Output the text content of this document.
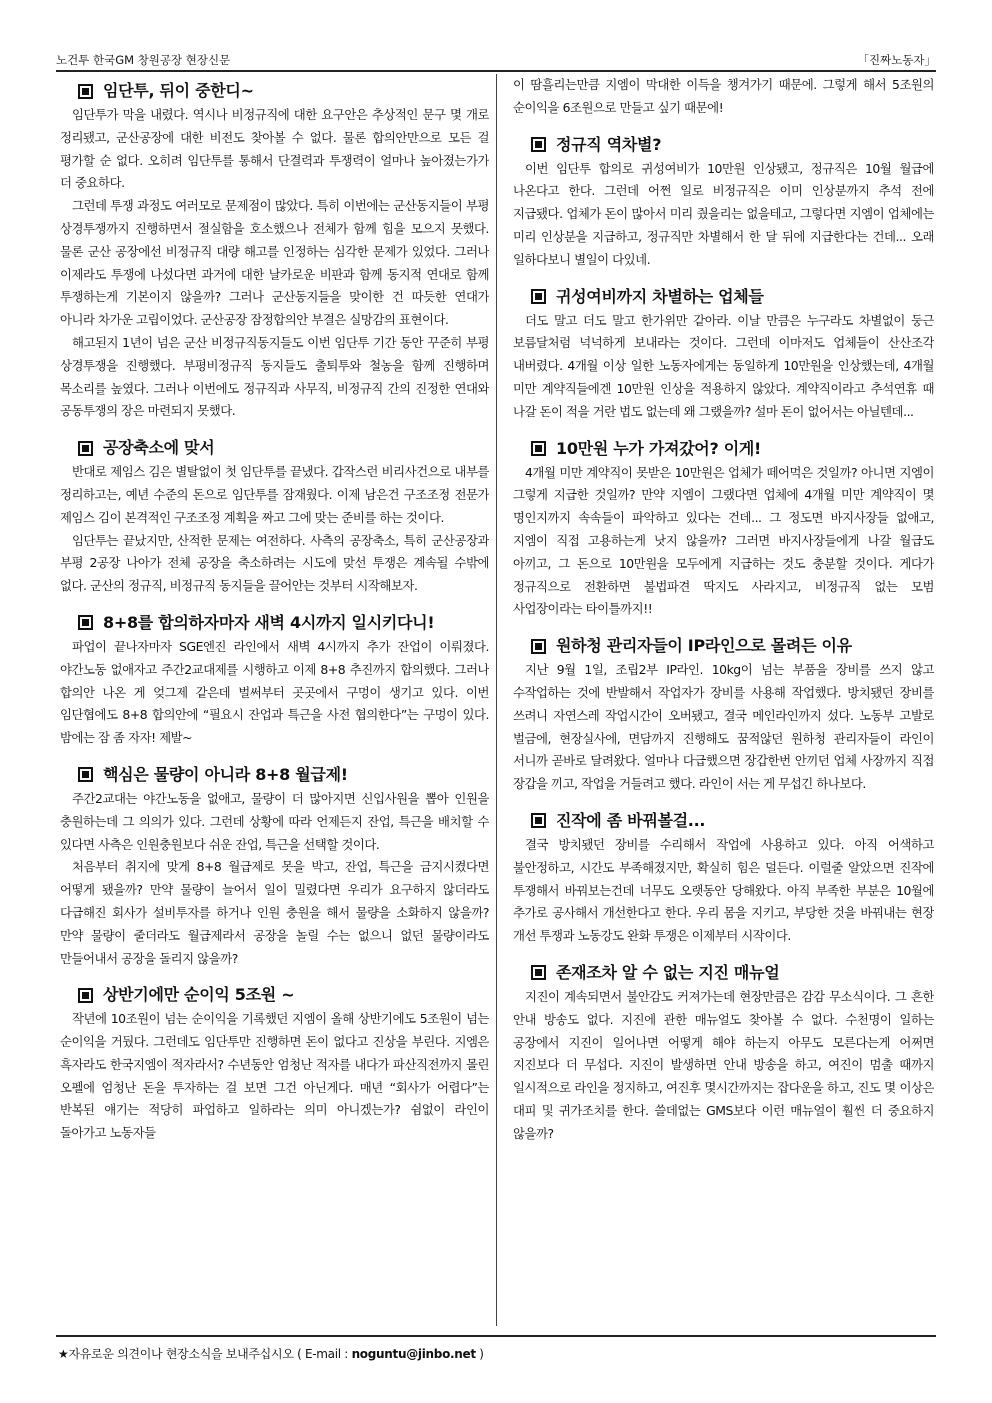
노건투 한국GM 창원공장 현장신문	「진짜노동자」
임단투, 뒤이 중한디~

임단투가 막을 내렸다. 역시나 비정규직에 대한 요구안은 추상적인 문구 몇 개로 정리됐고, 군산공장에 대한 비전도 찾아볼 수 없다. 물론 합의안만으로 모든 걸 평가할 순 없다. 오히려 임단투를 통해서 단결력과 투쟁력이 얼마나 높아졌는가가 더 중요하다.

그런데 투쟁 과정도 여러모로 문제점이 많았다. 특히 이번에는 군산동지들이 부평 상경투쟁까지 진행하면서 절실함을 호소했으나 전체가 함께 힘을 모으지 못했다. 물론 군산 공장에선 비정규직 대량 해고를 인정하는 심각한 문제가 있었다. 그러나 이제라도 투쟁에 나섰다면 과거에 대한 날카로운 비판과 함께 동지적 연대로 함께 투쟁하는게 기본이지 않을까? 그러나 군산동지들을 맞이한 건 따듯한 연대가 아니라 차가운 고립이었다. 군산공장 잠정합의안 부결은 실망감의 표현이다.

해고된지 1년이 넘은 군산 비정규직동지들도 이번 임단투 기간 동안 꾸준히 부평 상경투쟁을 진행했다. 부평비정규직 동지들도 출퇴투와 철농을 함께 진행하며 목소리를 높였다. 그러나 이번에도 정규직과 사무직, 비정규직 간의 진정한 연대와 공동투쟁의 장은 마련되지 못했다.

공장축소에 맞서

반대로 제임스 김은 별탈없이 첫 임단투를 끝냈다. 갑작스런 비리사건으로 내부를 정리하고는, 예년 수준의 돈으로 임단투를 잠재웠다. 이제 남은건 구조조정 전문가 제임스 김이 본격적인 구조조정 계획을 짜고 그에 맞는 준비를 하는 것이다.

임단투는 끝났지만, 산적한 문제는 여전하다. 사측의 공장축소, 특히 군산공장과 부평 2공장 나아가 전체 공장을 축소하려는 시도에 맞선 투쟁은 계속될 수밖에 없다. 군산의 정규직, 비정규직 동지들을 끌어안는 것부터 시작해보자.

8+8를 합의하자마자 새벽 4시까지 일시키다니!

파업이 끝나자마자 SGE엔진 라인에서 새벽 4시까지 추가 잔업이 이뤄졌다. 야간노동 없애자고 주간2교대제를 시행하고 이제 8+8 추진까지 합의했다. 그러나 합의안 나온 게 엊그제 같은데 벌써부터 곳곳에서 구멍이 생기고 있다. 이번 임단협에도 8+8 합의안에 “필요시 잔업과 특근을 사전 협의한다”는 구멍이 있다. 밤에는 잠 좀 자자! 제발~

핵심은 물량이 아니라 8+8 월급제!

주간2교대는 야간노동을 없애고, 물량이 더 많아지면 신입사원을 뽑아 인원을 충원하는데 그 의의가 있다. 그런데 상황에 따라 언제든지 잔업, 특근을 배치할 수 있다면 사측은 인원충원보다 쉬운 잔업, 특근을 선택할 것이다.

처음부터 취지에 맞게 8+8 월급제로 못을 박고, 잔업, 특근을 금지시켰다면 어떻게 됐을까? 만약 물량이 늘어서 일이 밀렸다면 우리가 요구하지 않더라도 다급해진 회사가 설비투자를 하거나 인원 충원을 해서 물량을 소화하지 않을까? 만약 물량이 줄더라도 월급제라서 공장을 놀릴 수는 없으니 없던 물량이라도 만들어내서 공장을 돌리지 않을까?

상반기에만 순이익 5조원 ~

작년에 10조원이 넘는 순이익을 기록했던 지엠이 올해 상반기에도 5조원이 넘는 순이익을 거뒀다. 그런데도 임단투만 진행하면 돈이 없다고 진상을 부린다. 지엠은 흑자라도 한국지엠이 적자라서? 수년동안 엄청난 적자를 내다가 파산직전까지 몰린 오펠에 엄청난 돈을 투자하는 걸 보면 그건 아닌게다. 매년 “회사가 어렵다”는 반복된 얘기는 적당히 파업하고 일하라는 의미 아니겠는가? 쉼없이 라인이 돌아가고 노동자들

이 땀흘리는만큼 지엠이 막대한 이득을 챙겨가기 때문에. 그렇게 해서 5조원의 순이익을 6조원으로 만들고 싶기 때문에!

정규직 역차별?

이번 임단투 합의로 귀성여비가 10만원 인상됐고, 정규직은 10월 월급에 나온다고 한다. 그런데 어쩐 일로 비정규직은 이미 인상분까지 추석 전에 지급됐다. 업체가 돈이 많아서 미리 줬을리는 없을테고, 그렇다면 지엠이 업체에는 미리 인상분을 지급하고, 정규직만 차별해서 한 달 뒤에 지급한다는 건데... 오래 일하다보니 별일이 다있네.

귀성여비까지 차별하는 업체들

더도 말고 더도 말고 한가위만 같아라. 이날 만큼은 누구라도 차별없이 둥근 보름달처럼 넉넉하게 보내라는 것이다. 그런데 이마저도 업체들이 산산조각 내버렸다. 4개월 이상 일한 노동자에게는 동일하게 10만원을 인상했는데, 4개월 미만 계약직들에겐 10만원 인상을 적용하지 않았다. 계약직이라고 추석연휴 때 나갈 돈이 적을 거란 법도 없는데 왜 그랬을까? 설마 돈이 없어서는 아닐텐데...

10만원 누가 가져갔어? 이게!

4개월 미만 계약직이 못받은 10만원은 업체가 떼어먹은 것일까? 아니면 지엠이 그렇게 지급한 것일까? 만약 지엠이 그랬다면 업체에 4개월 미만 계약직이 몇 명인지까지 속속들이 파악하고 있다는 건데... 그 정도면 바지사장들 없애고, 지엠이 직접 고용하는게 낫지 않을까? 그러면 바지사장들에게 나갈 월급도 아끼고, 그 돈으로 10만원을 모두에게 지급하는 것도 충분할 것이다. 게다가 정규직으로 전환하면 불법파견 딱지도 사라지고, 비정규직 없는 모범 사업장이라는 타이틀까지!!

원하청 관리자들이 IP라인으로 몰려든 이유

지난 9월 1일, 조립2부 IP라인. 10kg이 넘는 부품을 장비를 쓰지 않고 수작업하는 것에 반발해서 작업자가 장비를 사용해 작업했다. 방치됐던 장비를 쓰려니 자연스레 작업시간이 오버됐고, 결국 메인라인까지 섰다. 노동부 고발로 벌금에, 현장실사에, 면담까지 진행해도 꿈적않던 원하청 관리자들이 라인이 서니까 곧바로 달려왔다. 얼마나 다급했으면 장갑한번 안끼던 업체 사장까지 직접 장갑을 끼고, 작업을 거들려고 했다. 라인이 서는 게 무섭긴 하나보다.

진작에 좀 바꿔볼걸...

결국 방치됐던 장비를 수리해서 작업에 사용하고 있다. 아직 어색하고 불안정하고, 시간도 부족해졌지만, 확실히 힘은 덜든다. 이럴줄 알았으면 진작에 투쟁해서 바꿔보는건데 너무도 오랫동안 당해왔다. 아직 부족한 부분은 10월에 추가로 공사해서 개선한다고 한다. 우리 몸을 지키고, 부당한 것을 바꿔내는 현장 개선 투쟁과 노동강도 완화 투쟁은 이제부터 시작이다.

존재조차 알 수 없는 지진 매뉴얼

지진이 계속되면서 불안감도 커져가는데 현장만큼은 감감 무소식이다. 그 흔한 안내 방송도 없다. 지진에 관한 매뉴얼도 찾아볼 수 없다. 수천명이 일하는 공장에서 지진이 일어나면 어떻게 해야 하는지 아무도 모른다는게 어쩌면 지진보다 더 무섭다. 지진이 발생하면 안내 방송을 하고, 여진이 멈출 때까지 일시적으로 라인을 정지하고, 여진후 몇시간까지는 잡다운을 하고, 진도 몇 이상은 대피 및 귀가조치를 한다. 쓸데없는 GMS보다 이런 매뉴얼이 훨씬 더 중요하지 않을까?

★자유로운 의견이나 현장소식을 보내주십시오 ( E-mail : noguntu@jinbo.net )
